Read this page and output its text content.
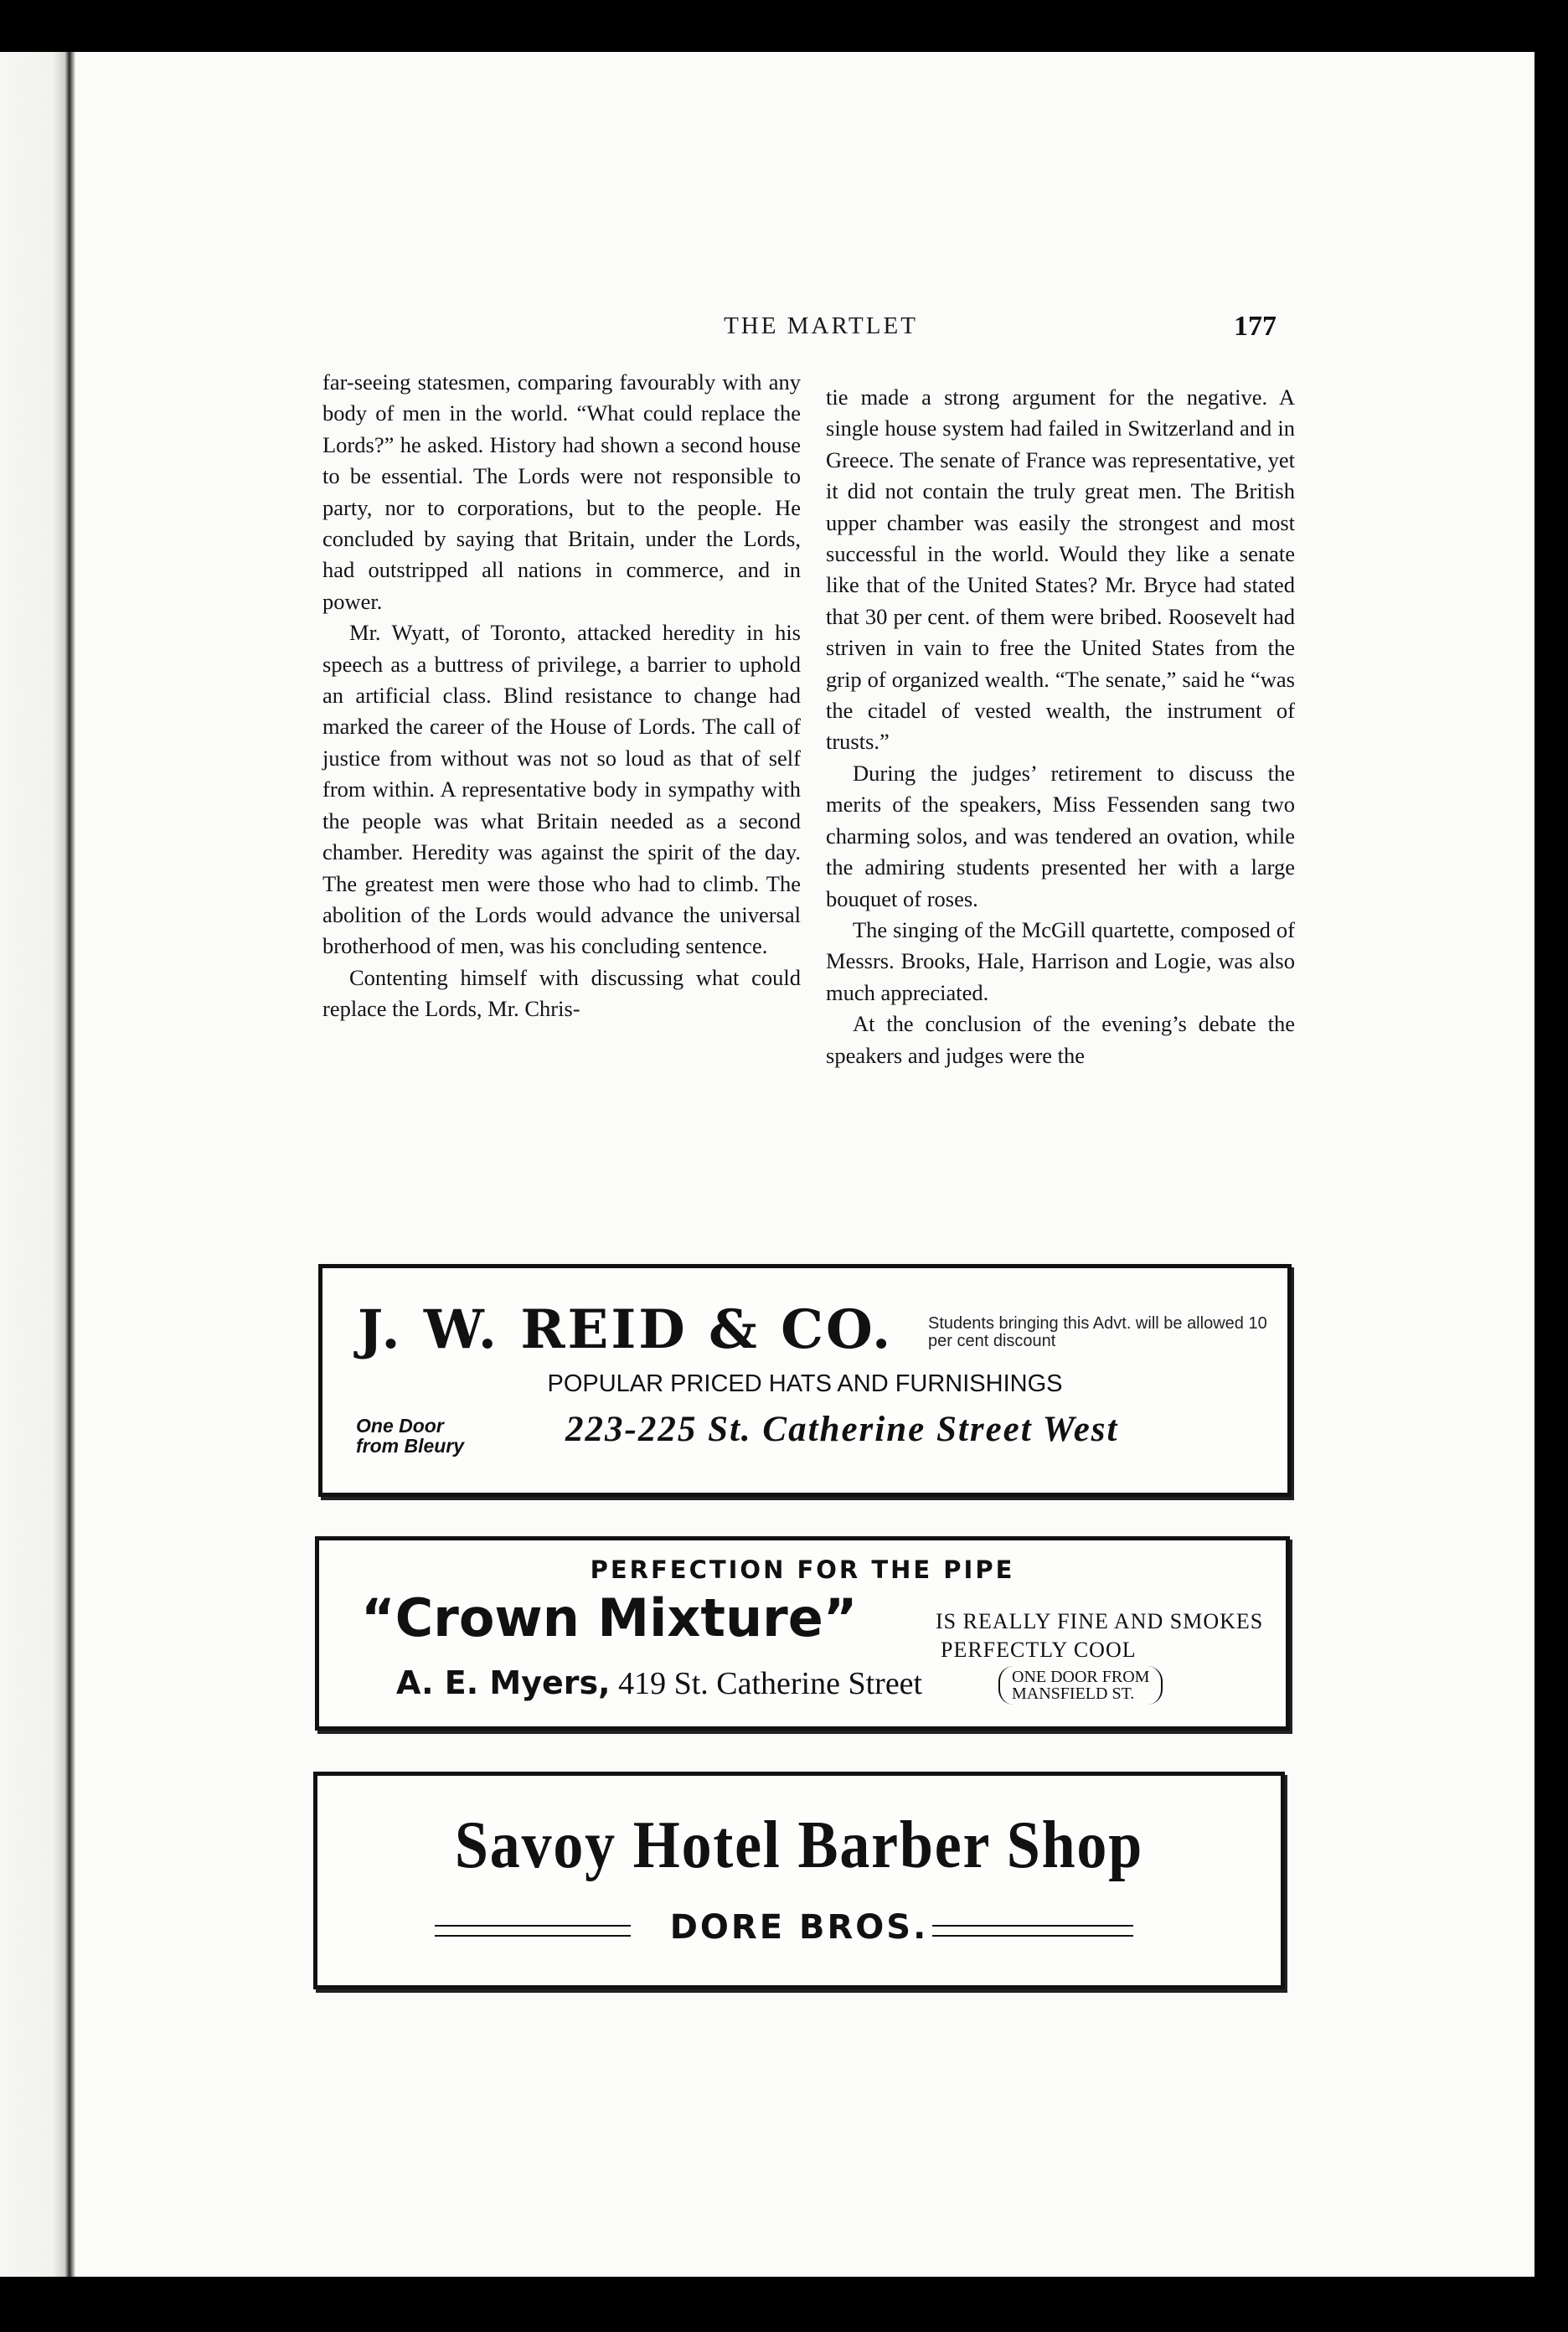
THE MARTLET	177

far-seeing statesmen, comparing favourably with any body of men in the world. “What could replace the Lords?” he asked. History had shown a second house to be essential. The Lords were not responsible to party, nor to corporations, but to the people. He concluded by saying that Britain, under the Lords, had outstripped all nations in commerce, and in power.

Mr. Wyatt, of Toronto, attacked heredity in his speech as a buttress of privilege, a barrier to uphold an artificial class. Blind resistance to change had marked the career of the House of Lords. The call of justice from without was not so loud as that of self from within. A representative body in sympathy with the people was what Britain needed as a second chamber. Heredity was against the spirit of the day. The greatest men were those who had to climb. The abolition of the Lords would advance the universal brotherhood of men, was his concluding sentence.

Contenting himself with discussing what could replace the Lords, Mr. Chris-

tie made a strong argument for the negative. A single house system had failed in Switzerland and in Greece. The senate of France was representative, yet it did not contain the truly great men. The British upper chamber was easily the strongest and most successful in the world. Would they like a senate like that of the United States? Mr. Bryce had stated that 30 per cent. of them were bribed. Roosevelt had striven in vain to free the United States from the grip of organized wealth. “The senate,” said he “was the citadel of vested wealth, the instrument of trusts.”

During the judges’ retirement to discuss the merits of the speakers, Miss Fessenden sang two charming solos, and was tendered an ovation, while the admiring students presented her with a large bouquet of roses.

The singing of the McGill quartette, composed of Messrs. Brooks, Hale, Harrison and Logie, was also much appreciated.

At the conclusion of the evening’s debate the speakers and judges were the

J. W. REID & CO. Students bringing this Advt. will be allowed 10 per cent discount
POPULAR PRICED HATS AND FURNISHINGS
One Door
from Bleury	223-225 St. Catherine Street West
PERFECTION FOR THE PIPE
“Crown Mixture”	IS REALLY FINE AND SMOKES
PERFECTLY COOL
A. E. Myers, 419 St. Catherine Street	ONE DOOR FROM
MANSFIELD ST.
Savoy Hotel Barber Shop
DORE BROS.
